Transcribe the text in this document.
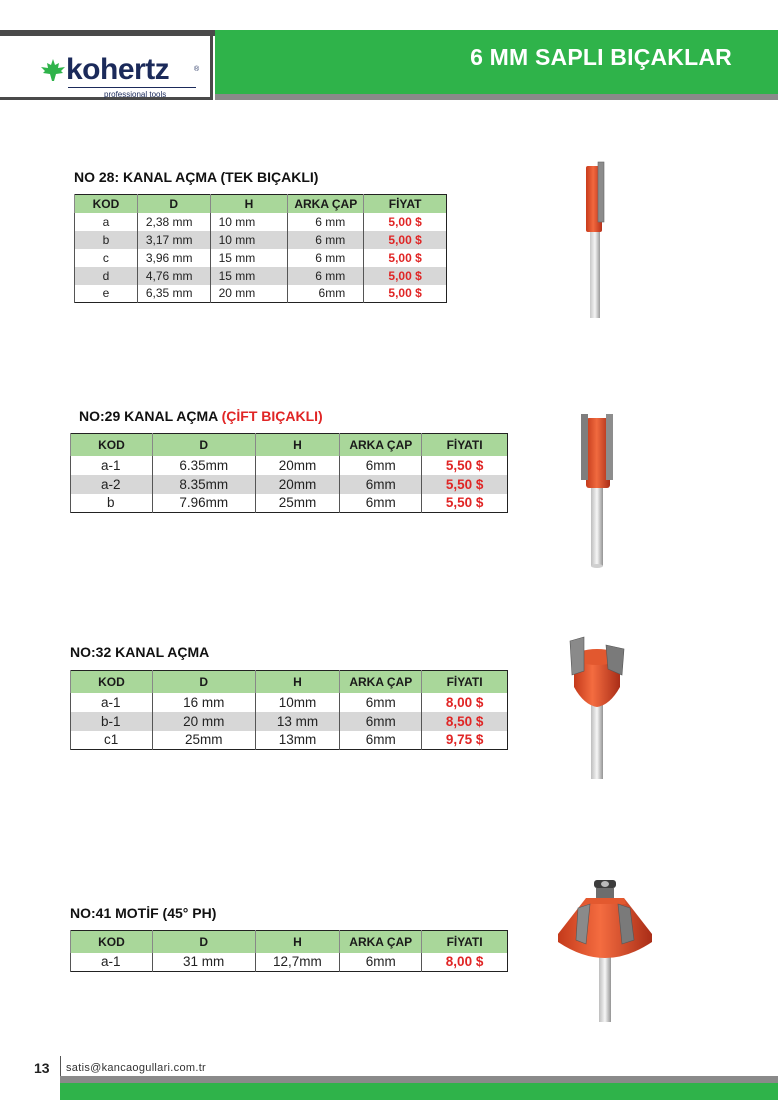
6 MM SAPLI BIÇAKLAR
kohertz	®
professional tools
NO 28: KANAL AÇMA (TEK BIÇAKLI)
KOD	D	H	ARKA ÇAP	FİYAT
a	2,38 mm	10 mm	6 mm	5,00 $
b	3,17 mm	10 mm	6 mm	5,00 $
c	3,96 mm	15 mm	6 mm	5,00 $
d	4,76 mm	15 mm	6 mm	5,00 $
e	6,35 mm	20 mm	6mm	5,00 $
NO:29 KANAL AÇMA (ÇİFT BIÇAKLI)
KOD	D	H	ARKA ÇAP	FİYATI
a-1	6.35mm	20mm	6mm	5,50 $
a-2	8.35mm	20mm	6mm	5,50 $
b	7.96mm	25mm	6mm	5,50 $
NO:32 KANAL AÇMA
KOD	D	H	ARKA ÇAP	FİYATI
a-1	16 mm	10mm	6mm	8,00 $
b-1	20 mm	13 mm	6mm	8,50 $
c1	25mm	13mm	6mm	9,75 $
NO:41 MOTİF (45° PH)
KOD	D	H	ARKA ÇAP	FİYATI
a-1	31 mm	12,7mm	6mm	8,00 $
13 satis@kancaogullari.com.tr
